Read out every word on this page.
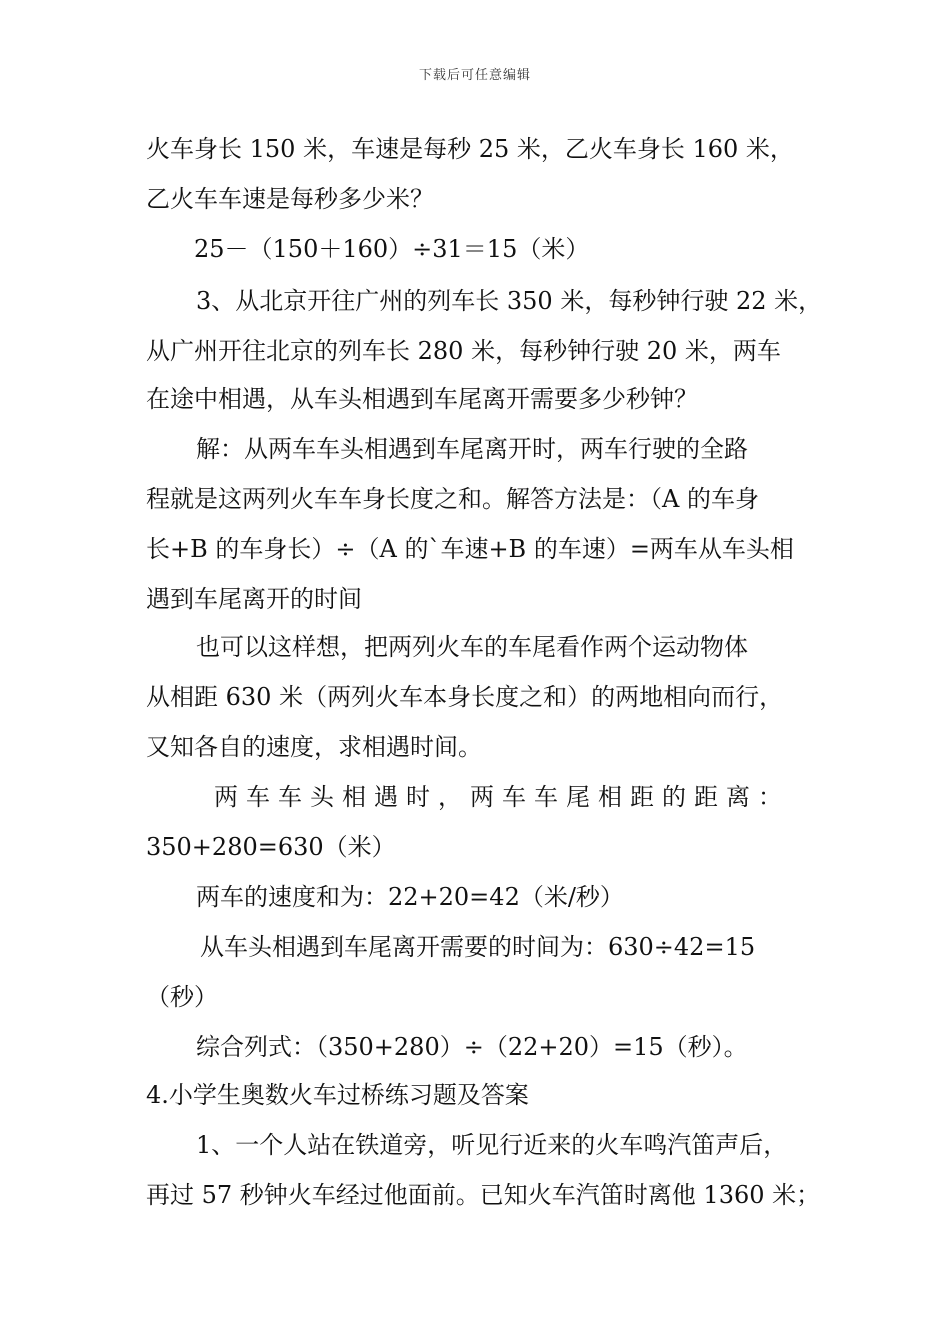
下载后可任意编辑
火车身长 150 米，车速是每秒 25 米，乙火车身长 160 米，
乙火车车速是每秒多少米？
25－（150＋160）÷31＝15（米）
3、从北京开往广州的列车长 350 米，每秒钟行驶 22 米，
从广州开往北京的列车长 280 米，每秒钟行驶 20 米，两车
在途中相遇，从车头相遇到车尾离开需要多少秒钟？
解：从两车车头相遇到车尾离开时，两车行驶的全路
程就是这两列火车车身长度之和。解答方法是：（A 的车身
长+B 的车身长）÷（A 的`车速+B 的车速）=两车从车头相
遇到车尾离开的时间
也可以这样想，把两列火车的车尾看作两个运动物体
从相距 630 米（两列火车本身长度之和）的两地相向而行，
又知各自的速度，求相遇时间。
两车车头相遇时，两车车尾相距的距离：
350+280=630（米）
两车的速度和为：22+20=42（米/秒）
从车头相遇到车尾离开需要的时间为：630÷42=15
（秒）
综合列式：（350+280）÷（22+20）=15（秒）。
4.小学生奥数火车过桥练习题及答案
1、一个人站在铁道旁，听见行近来的火车鸣汽笛声后，
再过 57 秒钟火车经过他面前。已知火车汽笛时离他 1360 米；
